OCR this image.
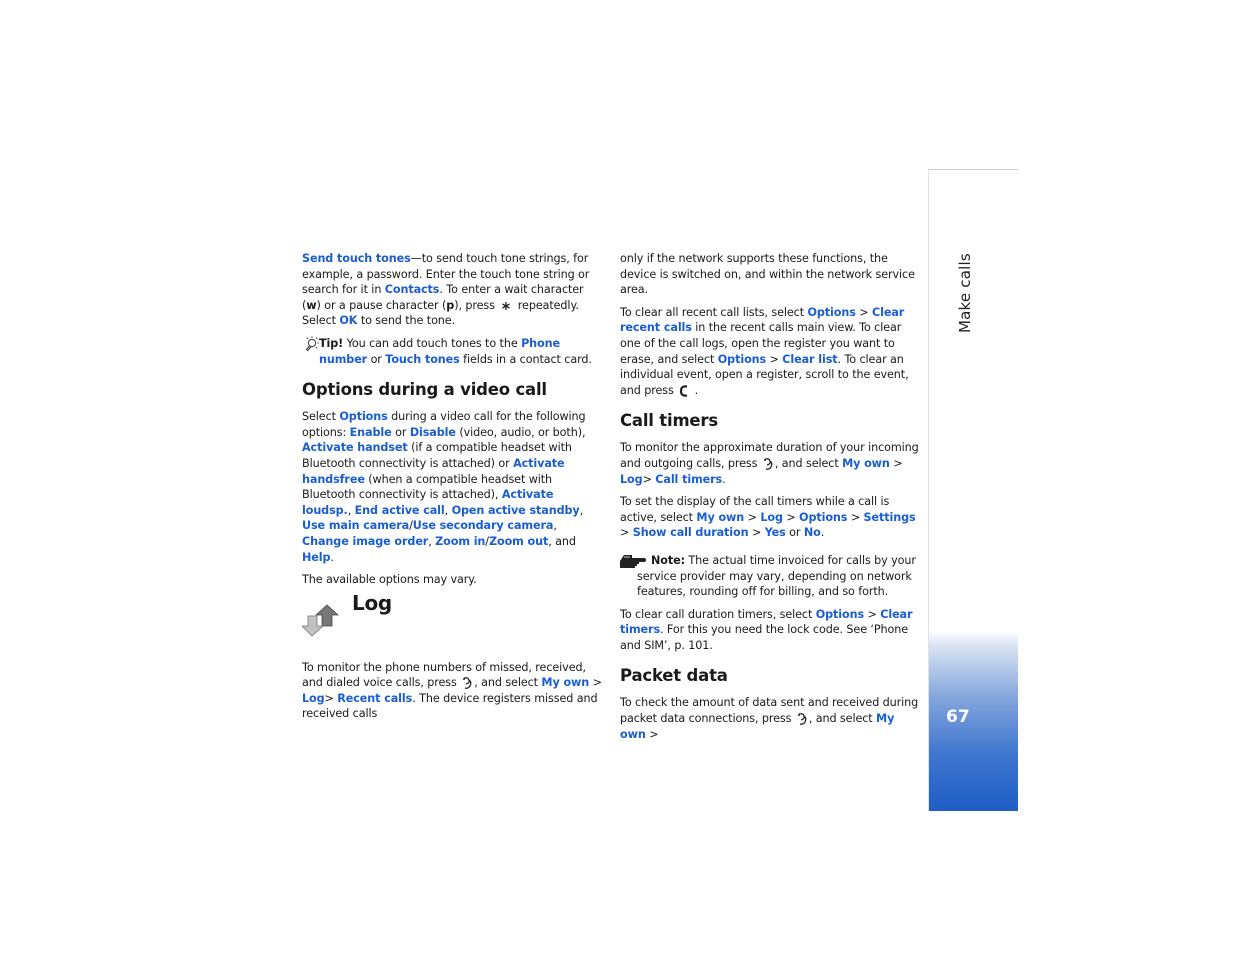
Make calls
67

Send touch tones—to send touch tone strings, for example, a password. Enter the touch tone string or search for it in Contacts. To enter a wait character (w) or a pause character (p), press  repeatedly. Select OK to send the tone.

Tip! You can add touch tones to the Phone number or Touch tones fields in a contact card.

Options during a video call

Select Options during a video call for the following options: Enable or Disable (video, audio, or both), Activate handset (if a compatible headset with Bluetooth connectivity is attached) or Activate handsfree (when a compatible headset with Bluetooth connectivity is attached), Activate loudsp., End active call, Open active standby, Use main camera/Use secondary camera, Change image order, Zoom in/Zoom out, and Help.

The available options may vary.

Log

To monitor the phone numbers of missed, received, and dialed voice calls, press , and select My own > Log> Recent calls. The device registers missed and received calls

only if the network supports these functions, the device is switched on, and within the network service area.

To clear all recent call lists, select Options > Clear recent calls in the recent calls main view. To clear one of the call logs, open the register you want to erase, and select Options > Clear list. To clear an individual event, open a register, scroll to the event, and press  .

Call timers

To monitor the approximate duration of your incoming and outgoing calls, press , and select My own > Log> Call timers.

To set the display of the call timers while a call is active, select My own > Log > Options > Settings > Show call duration > Yes or No.

Note: The actual time invoiced for calls by your service provider may vary, depending on network features, rounding off for billing, and so forth.

To clear call duration timers, select Options > Clear timers. For this you need the lock code. See ‘Phone and SIM’, p. 101.

Packet data

To check the amount of data sent and received during packet data connections, press , and select My own >
